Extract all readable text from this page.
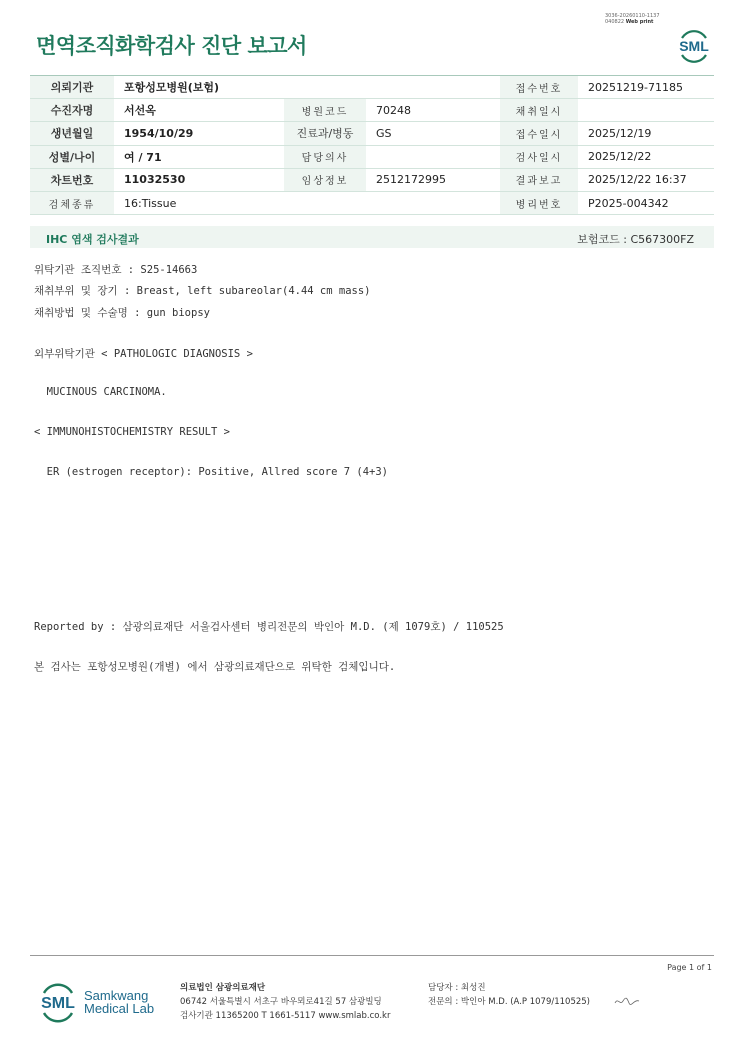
3036-20260110-1137
040822 Web print
면역조직화학검사 진단 보고서	SML
의뢰기관	포항성모병원(보험)			접수번호	20251219-71185
수진자명	서선옥	병원코드	70248	채취일시	
생년월일	1954/10/29	진료과/병동	GS	접수일시	2025/12/19
성별/나이	여 / 71	담당의사		검사일시	2025/12/22
차트번호	11032530	임상정보	2512172995	결과보고	2025/12/22 16:37
검체종류	16:Tissue			병리번호	P2025-004342
IHC 염색 검사결과	보험코드 : C567300FZ
위탁기관 조직번호 : S25-14663
채취부위 및 장기 : Breast, left subareolar(4.44 cm mass)
채취방법 및 수술명 : gun biopsy
외부위탁기관 < PATHOLOGIC DIAGNOSIS >
MUCINOUS CARCINOMA.
< IMMUNOHISTOCHEMISTRY RESULT >
ER (estrogen receptor): Positive, Allred score 7 (4+3)
Reported by : 삼광의료재단 서울검사센터 병리전문의 박인아 M.D. (제 1079호) / 110525
본 검사는 포항성모병원(개별) 에서 삼광의료재단으로 위탁한 검체입니다.
Page 1 of 1
SML Samkwang
Medical Lab
의료법인 삼광의료재단
06742 서울특별시 서초구 바우뫼로41길 57 삼광빌딩
검사기관 11365200 T 1661-5117 www.smlab.co.kr
담당자 : 최성진
전문의 : 박인아 M.D. (A.P 1079/110525)
